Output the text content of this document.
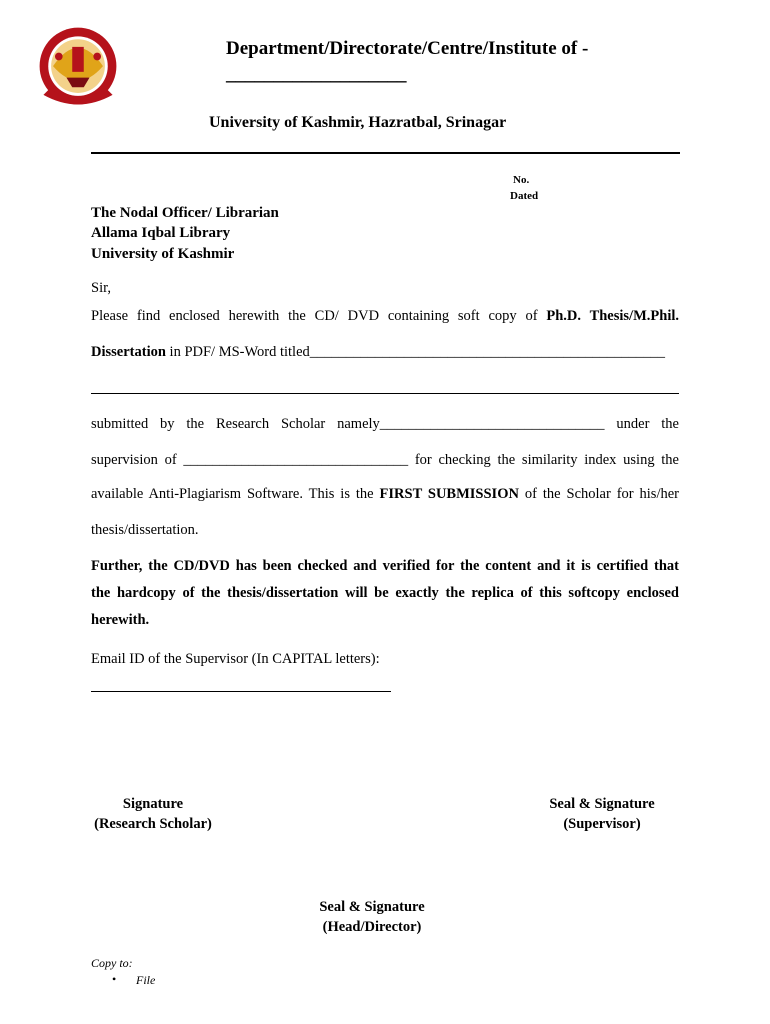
Department/Directorate/Centre/Institute of -
___________________
University of Kashmir, Hazratbal, Srinagar
No.
Dated
The Nodal Officer/ Librarian
Allama Iqbal Library
University of Kashmir
Sir,
Please find enclosed herewith the CD/ DVD containing soft copy of Ph.D. Thesis/M.Phil.
Dissertation in PDF/ MS-Word titled_________________________________________________
submitted by the Research Scholar namely_______________________________ under the
supervision of _______________________________ for checking the similarity index using the
available Anti-Plagiarism Software. This is the FIRST SUBMISSION of the Scholar for his/her
thesis/dissertation.
Further, the CD/DVD has been checked and verified for the content and it is certified that
the hardcopy of the thesis/dissertation will be exactly the replica of this softcopy enclosed
herewith.
Email ID of the Supervisor (In CAPITAL letters):
Signature
(Research Scholar)
Seal & Signature
(Supervisor)
Seal & Signature
(Head/Director)
Copy to:
• File
